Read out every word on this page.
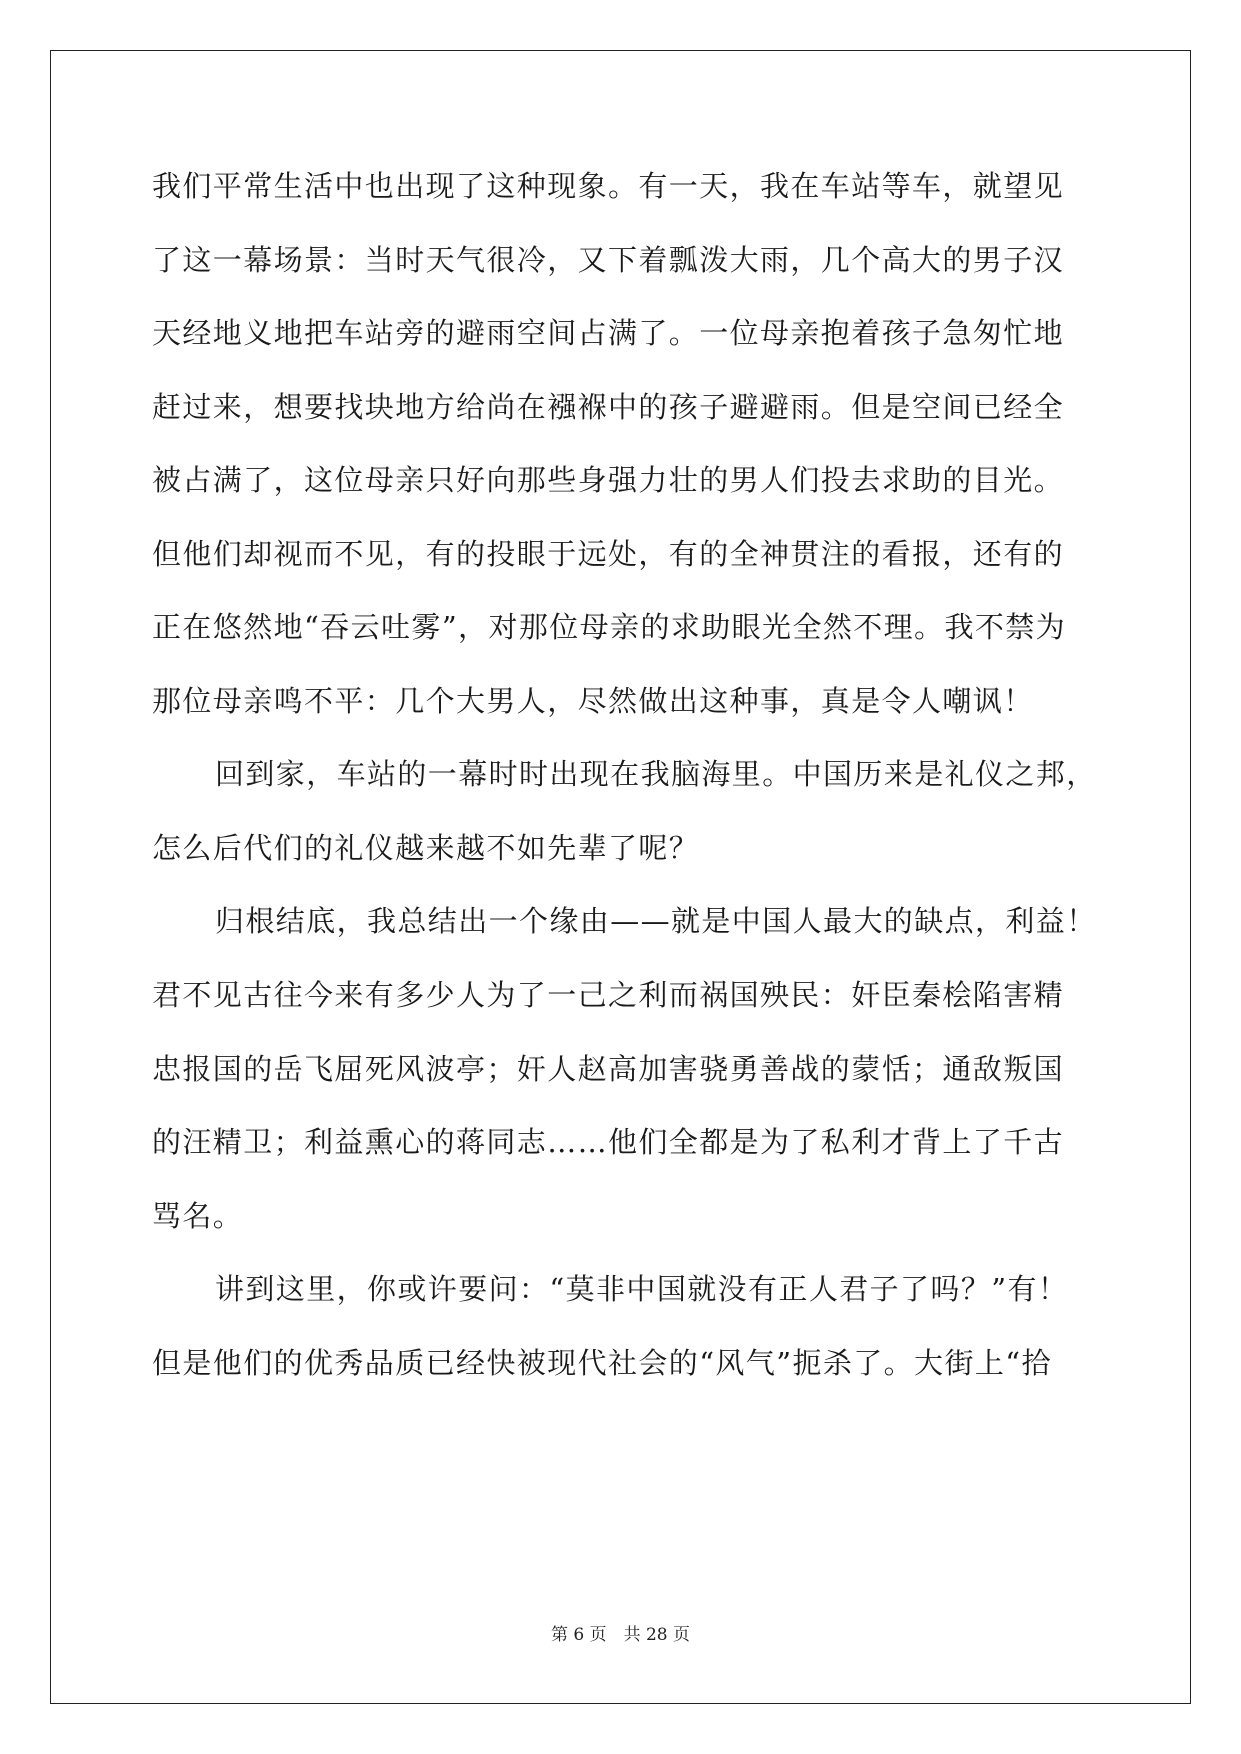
我们平常生活中也出现了这种现象。有一天，我在车站等车，就望见
了这一幕场景：当时天气很冷，又下着瓢泼大雨，几个高大的男子汉
天经地义地把车站旁的避雨空间占满了。一位母亲抱着孩子急匆忙地
赶过来，想要找块地方给尚在襁褓中的孩子避避雨。但是空间已经全
被占满了，这位母亲只好向那些身强力壮的男人们投去求助的目光。
但他们却视而不见，有的投眼于远处，有的全神贯注的看报，还有的
正在悠然地“吞云吐雾”，对那位母亲的求助眼光全然不理。我不禁为
那位母亲鸣不平：几个大男人，尽然做出这种事，真是令人嘲讽！
回到家，车站的一幕时时出现在我脑海里。中国历来是礼仪之邦，
怎么后代们的礼仪越来越不如先辈了呢？
归根结底，我总结出一个缘由——就是中国人最大的缺点，利益！
君不见古往今来有多少人为了一己之利而祸国殃民：奸臣秦桧陷害精
忠报国的岳飞屈死风波亭；奸人赵高加害骁勇善战的蒙恬；通敌叛国
的汪精卫；利益熏心的蒋同志……他们全都是为了私利才背上了千古
骂名。
讲到这里，你或许要问：“莫非中国就没有正人君子了吗？”有！
但是他们的优秀品质已经快被现代社会的“风气”扼杀了。大街上“拾
第 6 页　共 28 页
